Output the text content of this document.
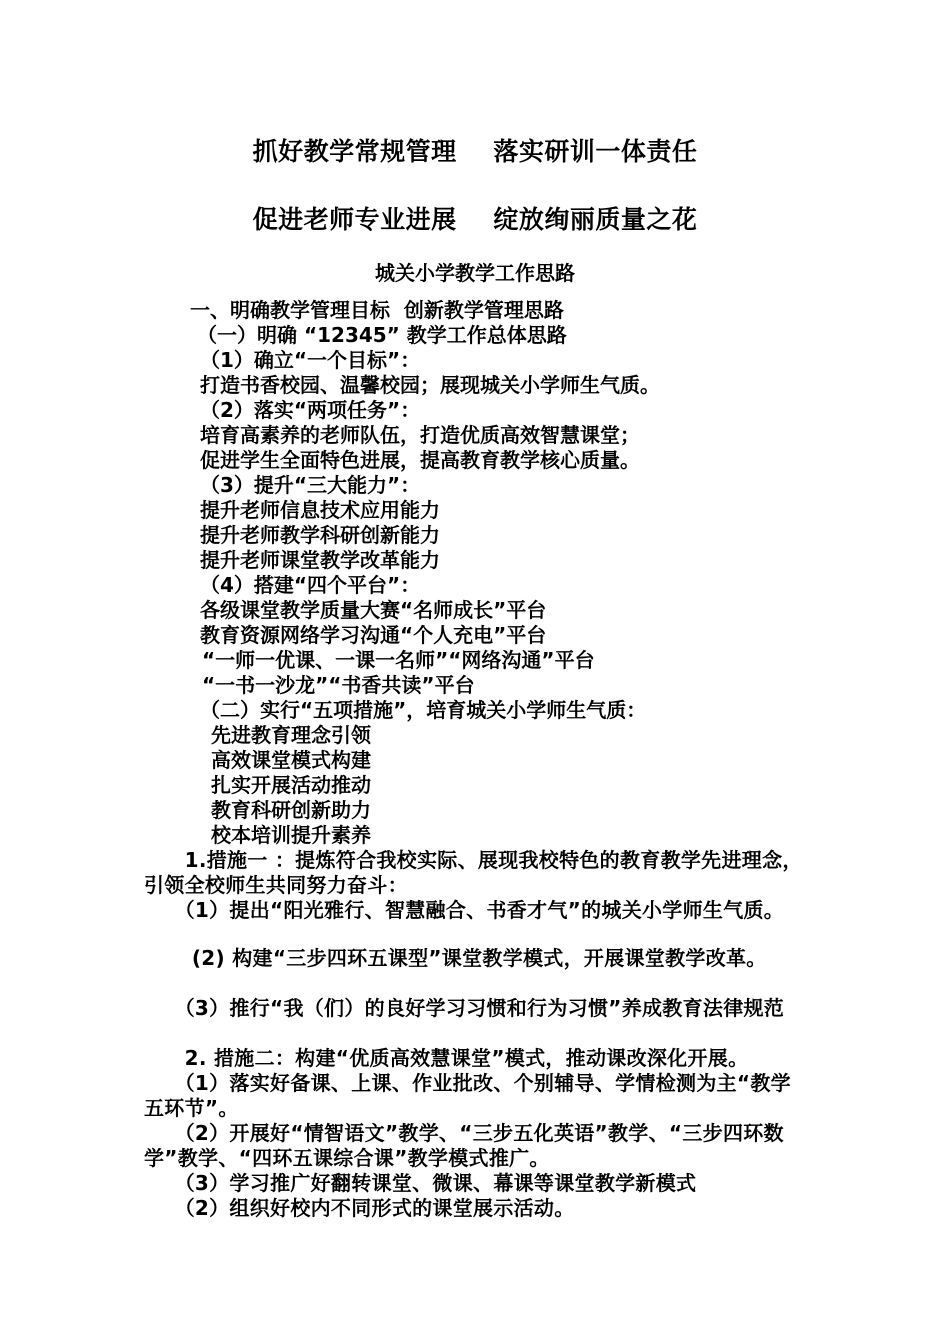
抓好教学常规管理    落实研训一体责任
促进老师专业进展    绽放绚丽质量之花
城关小学教学工作思路
一、明确教学管理目标  创新教学管理思路
（一）明确 “12345” 教学工作总体思路
（1）确立“一个目标”：
打造书香校园、温馨校园；展现城关小学师生气质。
（2）落实“两项任务”：
培育高素养的老师队伍，打造优质高效智慧课堂；
促进学生全面特色进展，提高教育教学核心质量。
（3）提升“三大能力”：
提升老师信息技术应用能力
提升老师教学科研创新能力
提升老师课堂教学改革能力
（4）搭建“四个平台”：
各级课堂教学质量大赛“名师成长”平台
教育资源网络学习沟通“个人充电”平台
“一师一优课、一课一名师”“网络沟通”平台
“一书一沙龙”“书香共读”平台
（二）实行“五项措施”，培育城关小学师生气质：
先进教育理念引领
高效课堂模式构建
扎实开展活动推动
教育科研创新助力
校本培训提升素养
　　1.措施一 ：提炼符合我校实际、展现我校特色的教育教学先进理念，引领全校师生共同努力奋斗：
　　（1）提出“阳光雅行、智慧融合、书香才气”的城关小学师生气质。
　　 (2) 构建“三步四环五课型”课堂教学模式，开展课堂教学改革。
　　（3）推行“我（们）的良好学习习惯和行为习惯”养成教育法律规范
　　2. 措施二：构建“优质高效慧课堂”模式，推动课改深化开展。
　　（1）落实好备课、上课、作业批改、个别辅导、学情检测为主“教学五环节”。
　　（2）开展好“情智语文”教学、“三步五化英语”教学、“三步四环数学”教学、“四环五课综合课”教学模式推广。
　　（3）学习推广好翻转课堂、微课、幕课等课堂教学新模式
　　（2）组织好校内不同形式的课堂展示活动。
